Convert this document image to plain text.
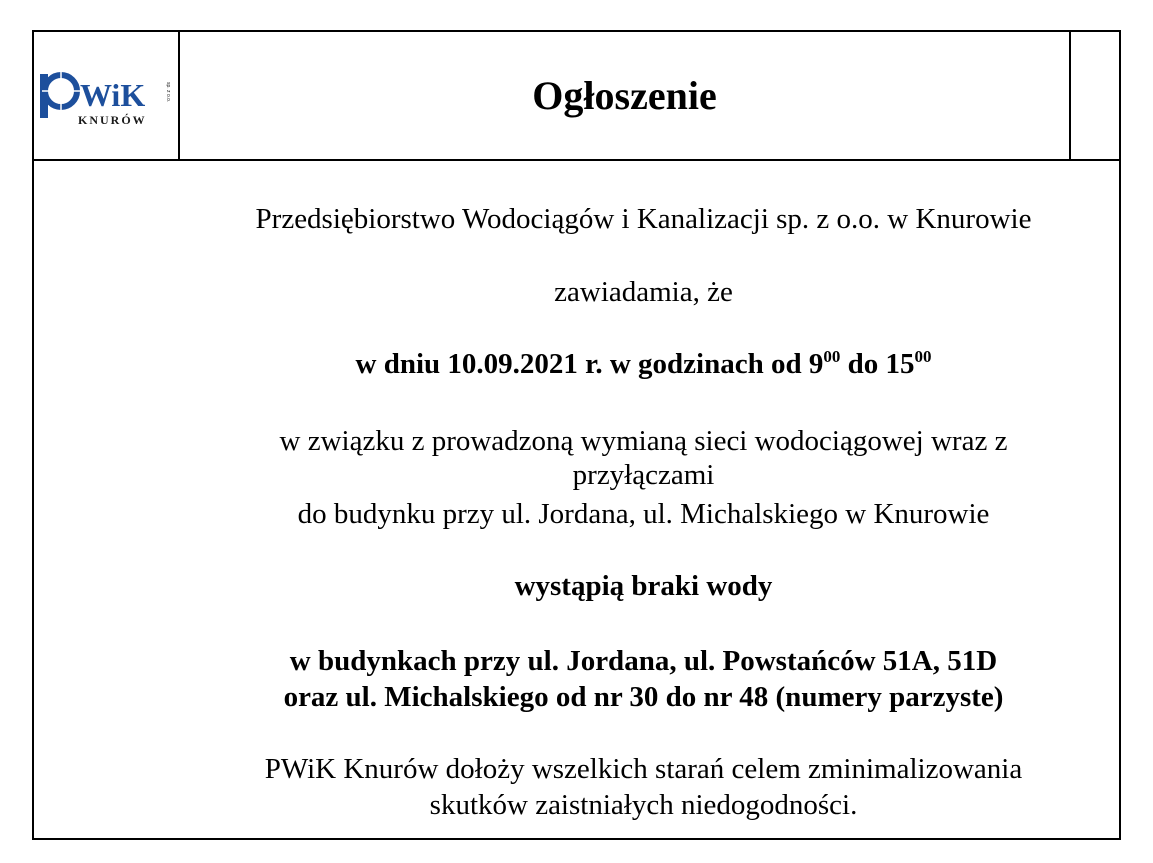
WiK
KNURÓW
sp. z o.o.	Ogłoszenie
Przedsiębiorstwo Wodociągów i Kanalizacji sp. z o.o. w Knurowie
zawiadamia, że
w dniu 10.09.2021 r. w godzinach od $9^{00}$ do $15^{00}$
w związku z prowadzoną wymianą sieci wodociągowej wraz z
przyłączami
do budynku przy ul. Jordana, ul. Michalskiego w Knurowie
wystąpią braki wody
w budynkach przy ul. Jordana, ul. Powstańców 51A, 51D
oraz ul. Michalskiego od nr 30 do nr 48 (numery parzyste)
PWiK Knurów dołoży wszelkich starań celem zminimalizowania
skutków zaistniałych niedogodności.
